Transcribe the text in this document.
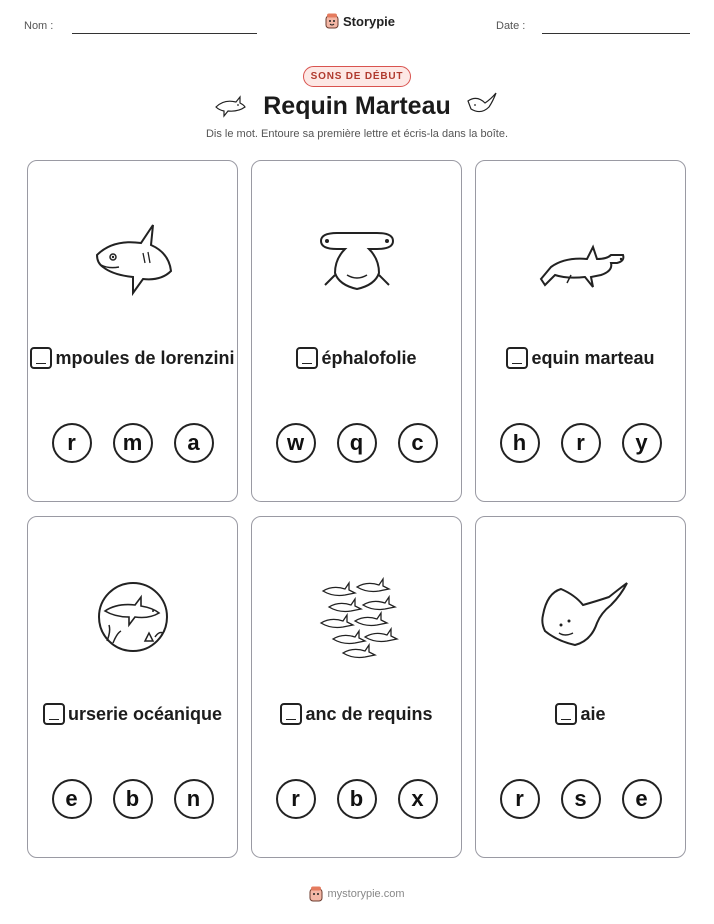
Nom :	Storypie	Date :
SONS DE DÉBUT
Requin Marteau
Dis le mot. Entoure sa première lettre et écris-la dans la boîte.
mpoules de lorenzini
r	m	a
éphalofolie
w	q	c
equin marteau
h	r	y
urserie océanique
e	b	n
anc de requins
r	b	x
aie
r	s	e
mystorypie.com
